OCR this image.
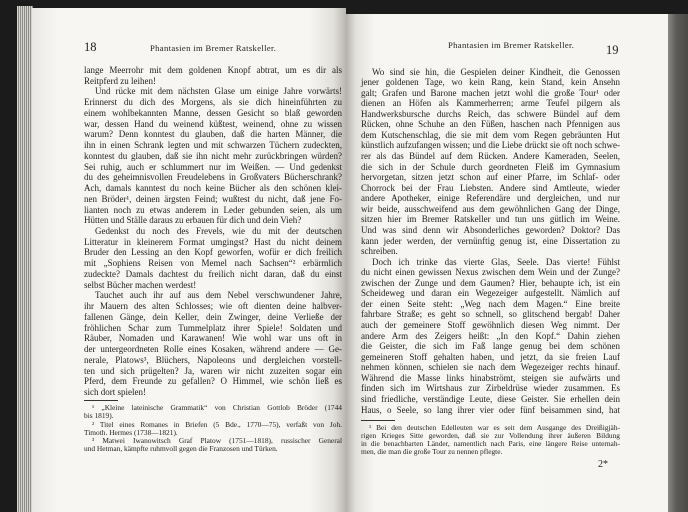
18	Phantasien im Bremer Ratskeller.
lange Meerrohr mit dem goldenen Knopf abtrat, um es dir als
Reitpferd zu leihen!
Und rücke mit dem nächsten Glase um einige Jahre vorwärts!
Erinnerst du dich des Morgens, als sie dich hineinführten zu
einem wohlbekannten Manne, dessen Gesicht so blaß geworden
war, dessen Hand du weinend küßtest, weinend, ohne zu wissen
warum? Denn konntest du glauben, daß die harten Männer, die
ihn in einen Schrank legten und mit schwarzen Tüchern zudeckten,
konntest du glauben, daß sie ihn nicht mehr zurückbringen würden?
Sei ruhig, auch er schlummert nur im Weißen. — Und gedenkst
du des geheimnisvollen Freudelebens in Großvaters Bücherschrank?
Ach, damals kanntest du noch keine Bücher als den schönen klei-
nen Bröder¹, deinen ärgsten Feind; wußtest du nicht, daß jene Fo-
lianten noch zu etwas anderem in Leder gebunden seien, als um
Hütten und Ställe daraus zu erbauen für dich und dein Vieh?
Gedenkst du noch des Frevels, wie du mit der deutschen
Litteratur in kleinerem Format umgingst? Hast du nicht deinem
Bruder den Lessing an den Kopf geworfen, wofür er dich freilich
mit „Sophiens Reisen von Memel nach Sachsen“² erbärmlich
zudeckte? Damals dachtest du freilich nicht daran, daß du einst
selbst Bücher machen werdest!
Tauchet auch ihr auf aus dem Nebel verschwundener Jahre,
ihr Mauern des alten Schlosses; wie oft dienten deine halbver-
fallenen Gänge, dein Keller, dein Zwinger, deine Verließe der
fröhlichen Schar zum Tummelplatz ihrer Spiele! Soldaten und
Räuber, Nomaden und Karawanen! Wie wohl war uns oft in
der untergeordneten Rolle eines Kosaken, während andere — Ge-
nerale, Platows³, Blüchers, Napoleons und dergleichen vorstell-
ten und sich prügelten? Ja, waren wir nicht zuzeiten sogar ein
Pferd, dem Freunde zu gefallen? O Himmel, wie schön ließ es
sich dort spielen!
¹ „Kleine lateinische Grammatik“ von Christian Gottlob Bröder (1744
bis 1819).
² Titel eines Romanes in Briefen (5 Bde., 1770—75), verfaßt von Joh.
Timoth. Hermes (1738—1821).
³ Matwei Iwanowitsch Graf Platow (1751—1818), russischer General
und Hetman, kämpfte ruhmvoll gegen die Franzosen und Türken.
Phantasien im Bremer Ratskeller.	19
Wo sind sie hin, die Gespielen deiner Kindheit, die Genossen
jener goldenen Tage, wo kein Rang, kein Stand, kein Ansehn
galt; Grafen und Barone machen jetzt wohl die große Tour¹ oder
dienen an Höfen als Kammerherren; arme Teufel pilgern als
Handwerksbursche durchs Reich, das schwere Bündel auf dem
Rücken, ohne Schuhe an den Füßen, haschen nach Pfennigen aus
dem Kutschenschlag, die sie mit dem vom Regen gebräunten Hut
künstlich aufzufangen wissen; und die Liebe drückt sie oft noch schwe-
rer als das Bündel auf dem Rücken. Andere Kameraden, Seelen,
die sich in der Schule durch geordneten Fleiß im Gymnasium
hervorgetan, sitzen jetzt schon auf einer Pfarre, im Schlaf- oder
Chorrock bei der Frau Liebsten. Andere sind Amtleute, wieder
andere Apotheker, einige Referendäre und dergleichen, und nur
wir beide, ausschweifend aus dem gewöhnlichen Gang der Dinge,
sitzen hier im Bremer Ratskeller und tun uns gütlich im Weine.
Und was sind denn wir Absonderliches geworden? Doktor? Das
kann jeder werden, der vernünftig genug ist, eine Dissertation zu
schreiben.
Doch ich trinke das vierte Glas, Seele. Das vierte! Fühlst
du nicht einen gewissen Nexus zwischen dem Wein und der Zunge?
zwischen der Zunge und dem Gaumen? Hier, behaupte ich, ist ein
Scheideweg und daran ein Wegezeiger aufgestellt. Nämlich auf
der einen Seite steht: „Weg nach dem Magen.“ Eine breite
fahrbare Straße; es geht so schnell, so glitschend bergab! Daher
auch der gemeinere Stoff gewöhnlich diesen Weg nimmt. Der
andere Arm des Zeigers heißt: „In den Kopf.“ Dahin ziehen
die Geister, die sich im Faß lange genug bei dem schönen
gemeineren Stoff gehalten haben, und jetzt, da sie freien Lauf
nehmen können, schielen sie nach dem Wegezeiger rechts hinauf.
Während die Masse links hinabströmt, steigen sie aufwärts und
finden sich im Wirtshaus zur Zirbeldrüse wieder zusammen. Es
sind friedliche, verständige Leute, diese Geister. Sie erhellen dein
Haus, o Seele, so lang ihrer vier oder fünf beisammen sind, hat
¹ Bei den deutschen Edelleuten war es seit dem Ausgange des Dreißigjäh-
rigen Krieges Sitte geworden, daß sie zur Vollendung ihrer äußeren Bildung
in die benachbarten Länder, namentlich nach Paris, eine längere Reise unternah-
men, die man die große Tour zu nennen pflegte.
2*
